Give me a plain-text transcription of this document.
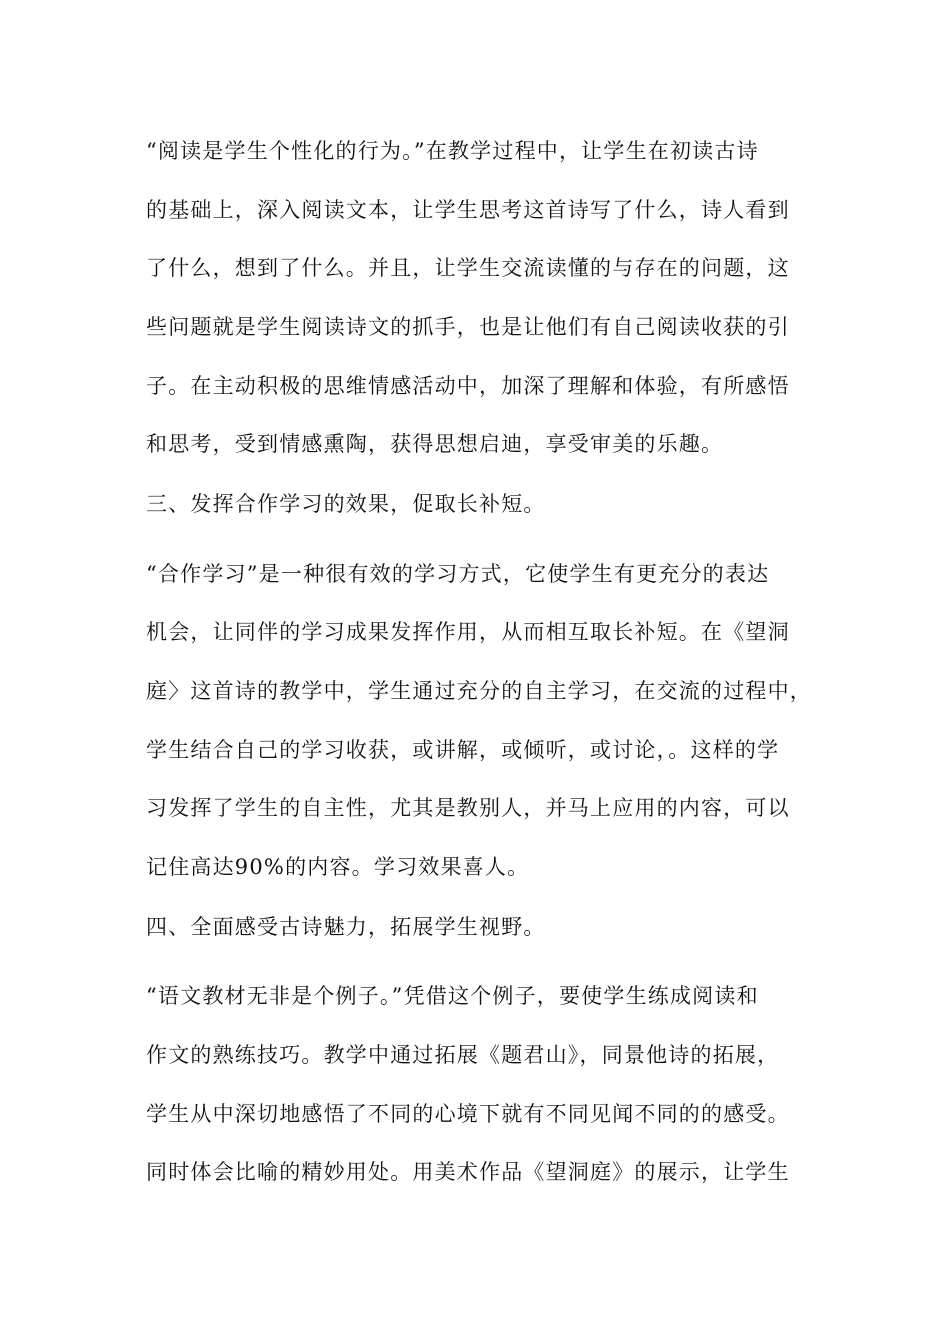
“阅读是学生个性化的行为。”在教学过程中，让学生在初读古诗
的基础上，深入阅读文本，让学生思考这首诗写了什么，诗人看到
了什么，想到了什么。并且，让学生交流读懂的与存在的问题，这
些问题就是学生阅读诗文的抓手，也是让他们有自己阅读收获的引
子。在主动积极的思维情感活动中，加深了理解和体验，有所感悟
和思考，受到情感熏陶，获得思想启迪，享受审美的乐趣。
三、发挥合作学习的效果，促取长补短。
“合作学习”是一种很有效的学习方式，它使学生有更充分的表达
机会，让同伴的学习成果发挥作用，从而相互取长补短。在《望洞
庭〉这首诗的教学中，学生通过充分的自主学习，在交流的过程中，
学生结合自己的学习收获，或讲解，或倾听，或讨论，。这样的学
习发挥了学生的自主性，尤其是教别人，并马上应用的内容，可以
记住高达90%的内容。学习效果喜人。
四、全面感受古诗魅力，拓展学生视野。
“语文教材无非是个例子。”凭借这个例子，要使学生练成阅读和
作文的熟练技巧。教学中通过拓展《题君山》，同景他诗的拓展，
学生从中深切地感悟了不同的心境下就有不同见闻不同的的感受。
同时体会比喻的精妙用处。用美术作品《望洞庭》的展示，让学生
